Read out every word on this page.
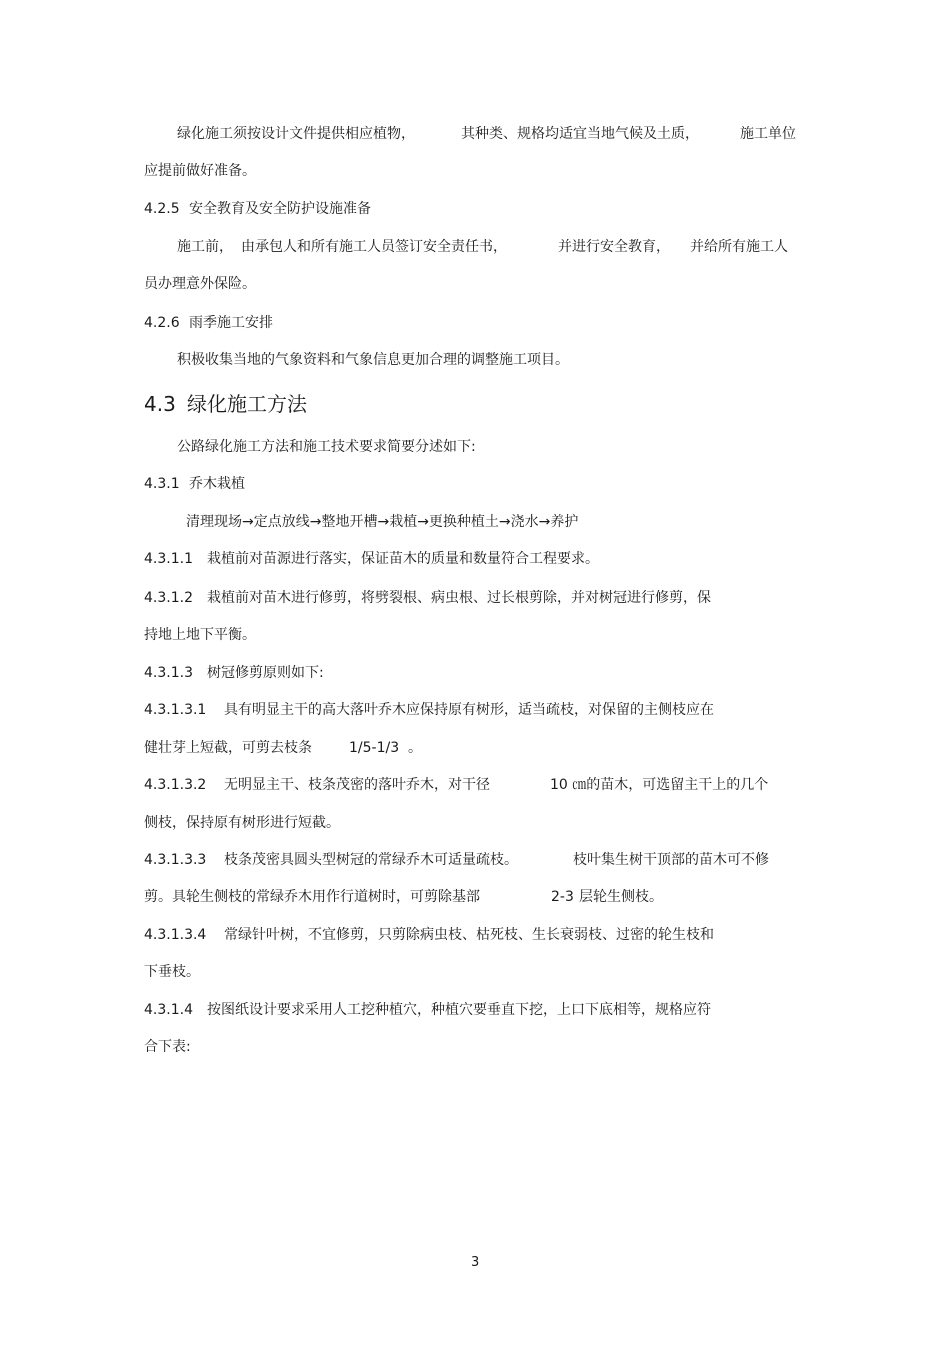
绿化施工须按设计文件提供相应植物，	其种类、规格均适宜当地气候及土质，	施工单位
应提前做好准备。
4.2.5 安全教育及安全防护设施准备
施工前， 由承包人和所有施工人员签订安全责任书，	并进行安全教育， 并给所有施工人
员办理意外保险。
4.2.6 雨季施工安排
积极收集当地的气象资料和气象信息更加合理的调整施工项目。
4.3 绿化施工方法
公路绿化施工方法和施工技术要求简要分述如下:
4.3.1 乔木栽植
清理现场→定点放线→整地开槽→栽植→更换种植土→浇水→养护
4.3.1.1 栽植前对苗源进行落实，保证苗木的质量和数量符合工程要求。
4.3.1.2 栽植前对苗木进行修剪，将劈裂根、病虫根、过长根剪除，并对树冠进行修剪，保
持地上地下平衡。
4.3.1.3 树冠修剪原则如下:
4.3.1.3.1 具有明显主干的高大落叶乔木应保持原有树形，适当疏枝，对保留的主侧枝应在
健壮芽上短截，可剪去枝条	1/5-1/3 。
4.3.1.3.2 无明显主干、枝条茂密的落叶乔木，对干径	10 ㎝的苗木，可选留主干上的几个
侧枝，保持原有树形进行短截。
4.3.1.3.3 枝条茂密具圆头型树冠的常绿乔木可适量疏枝。	枝叶集生树干顶部的苗木可不修
剪。具轮生侧枝的常绿乔木用作行道树时，可剪除基部	2-3 层轮生侧枝。
4.3.1.3.4 常绿针叶树，不宜修剪，只剪除病虫枝、枯死枝、生长衰弱枝、过密的轮生枝和
下垂枝。
4.3.1.4 按图纸设计要求采用人工挖种植穴，种植穴要垂直下挖，上口下底相等，规格应符
合下表:
3
